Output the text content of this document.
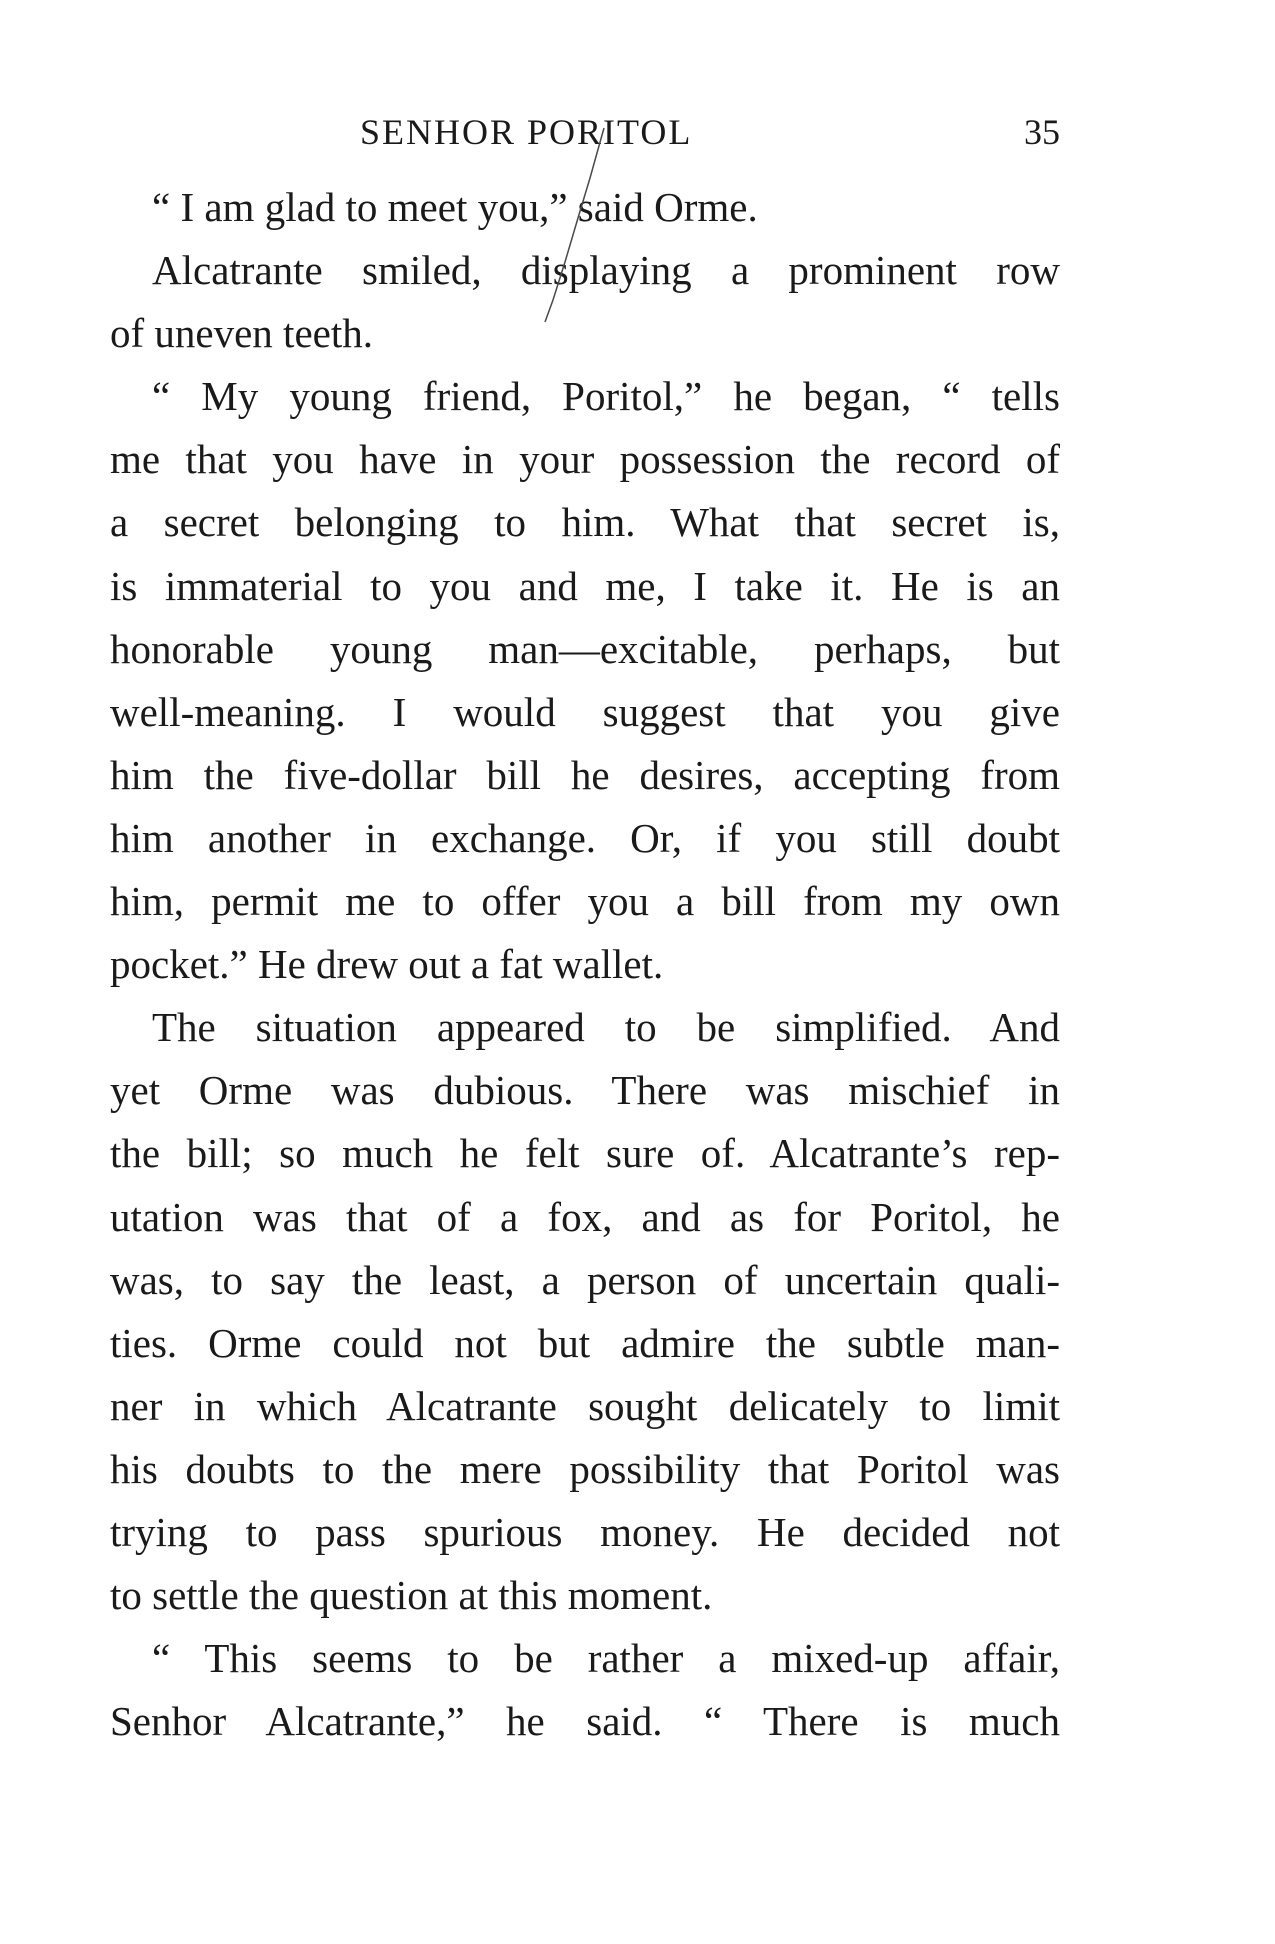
SENHOR PORITOL	35
“ I am glad to meet you,” said Orme.
Alcatrante smiled, displaying a prominent row
of uneven teeth.
“ My young friend, Poritol,” he began, “ tells
me that you have in your possession the record of
a secret belonging to him. What that secret is,
is immaterial to you and me, I take it. He is an
honorable young man—excitable, perhaps, but
well-meaning. I would suggest that you give
him the five-dollar bill he desires, accepting from
him another in exchange. Or, if you still doubt
him, permit me to offer you a bill from my own
pocket.” He drew out a fat wallet.
The situation appeared to be simplified. And
yet Orme was dubious. There was mischief in
the bill; so much he felt sure of. Alcatrante’s rep-
utation was that of a fox, and as for Poritol, he
was, to say the least, a person of uncertain quali-
ties. Orme could not but admire the subtle man-
ner in which Alcatrante sought delicately to limit
his doubts to the mere possibility that Poritol was
trying to pass spurious money. He decided not
to settle the question at this moment.
“ This seems to be rather a mixed-up affair,
Senhor Alcatrante,” he said. “ There is much
